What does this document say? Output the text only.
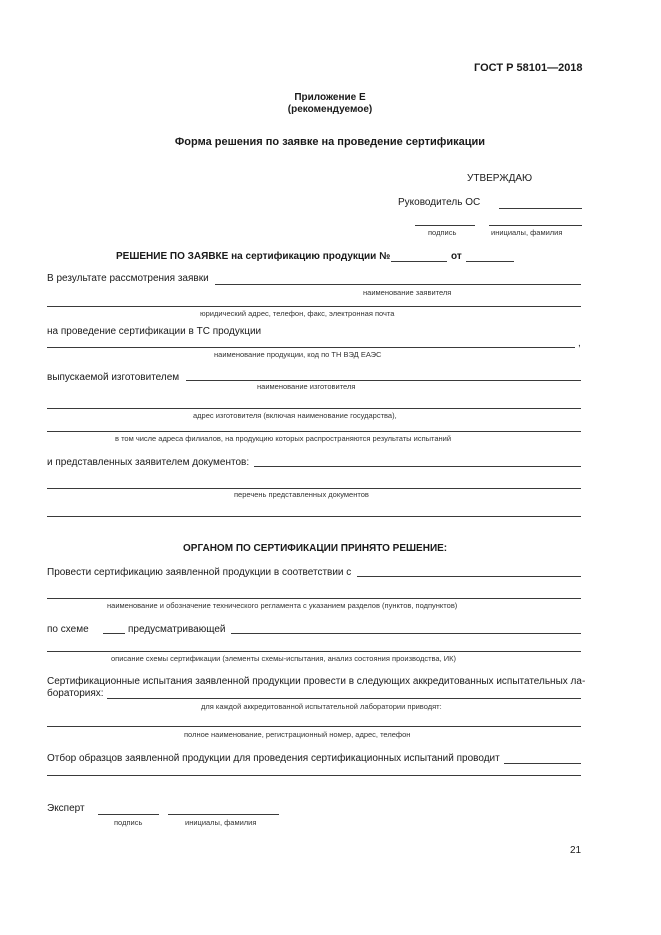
ГОСТ Р 58101—2018
Приложение Е
(рекомендуемое)
Форма решения по заявке на проведение сертификации
УТВЕРЖДАЮ
Руководитель ОС
подпись	инициалы, фамилия
РЕШЕНИЕ ПО ЗАЯВКЕ на сертификацию продукции №	от
В результате рассмотрения заявки
наименование заявителя
юридический адрес, телефон, факс, электронная почта
на проведение сертификации в ТС продукции
,
наименование продукции, код по ТН ВЭД ЕАЭС
выпускаемой изготовителем
наименование изготовителя
адрес изготовителя (включая наименование государства),
в том числе адреса филиалов, на продукцию которых распространяются результаты испытаний
и представленных заявителем документов:
перечень представленных документов
ОРГАНОМ ПО СЕРТИФИКАЦИИ ПРИНЯТО РЕШЕНИЕ:
Провести сертификацию заявленной продукции в соответствии с
наименование и обозначение технического регламента с указанием разделов (пунктов, подпунктов)
по схеме	предусматривающей
описание схемы сертификации (элементы схемы-испытания, анализ состояния производства, ИК)
Сертификационные испытания заявленной продукции провести в следующих аккредитованных испытательных ла-
бораториях:
для каждой аккредитованной испытательной лаборатории приводят:
полное наименование, регистрационный номер, адрес, телефон
Отбор образцов заявленной продукции для проведения сертификационных испытаний проводит
Эксперт
подпись	инициалы, фамилия
21
